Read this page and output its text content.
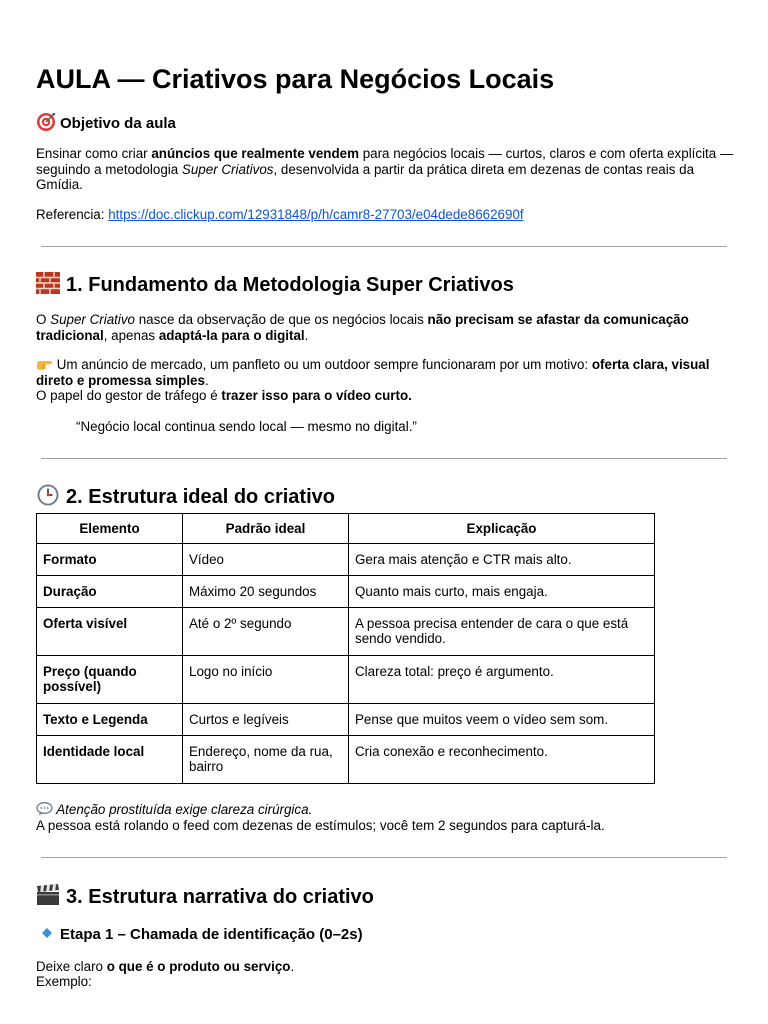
AULA — Criativos para Negócios Locais
Objetivo da aula
Ensinar como criar anúncios que realmente vendem para negócios locais — curtos, claros e com oferta explícita — seguindo a metodologia Super Criativos, desenvolvida a partir da prática direta em dezenas de contas reais da Gmídia.
Referencia: https://doc.clickup.com/12931848/p/h/camr8-27703/e04dede8662690f
1. Fundamento da Metodologia Super Criativos
O Super Criativo nasce da observação de que os negócios locais não precisam se afastar da comunicação tradicional, apenas adaptá-la para o digital.
Um anúncio de mercado, um panfleto ou um outdoor sempre funcionaram por um motivo: oferta clara, visual direto e promessa simples.
O papel do gestor de tráfego é trazer isso para o vídeo curto.
“Negócio local continua sendo local — mesmo no digital.”
2. Estrutura ideal do criativo
Elemento	Padrão ideal	Explicação
Formato	Vídeo	Gera mais atenção e CTR mais alto.
Duração	Máximo 20 segundos	Quanto mais curto, mais engaja.
Oferta visível	Até o 2º segundo	A pessoa precisa entender de cara o que está sendo vendido.
Preço (quando possível)	Logo no início	Clareza total: preço é argumento.
Texto e Legenda	Curtos e legíveis	Pense que muitos veem o vídeo sem som.
Identidade local	Endereço, nome da rua, bairro	Cria conexão e reconhecimento.
Atenção prostituída exige clareza cirúrgica.
A pessoa está rolando o feed com dezenas de estímulos; você tem 2 segundos para capturá-la.
3. Estrutura narrativa do criativo
Etapa 1 – Chamada de identificação (0–2s)
Deixe claro o que é o produto ou serviço.
Exemplo:
